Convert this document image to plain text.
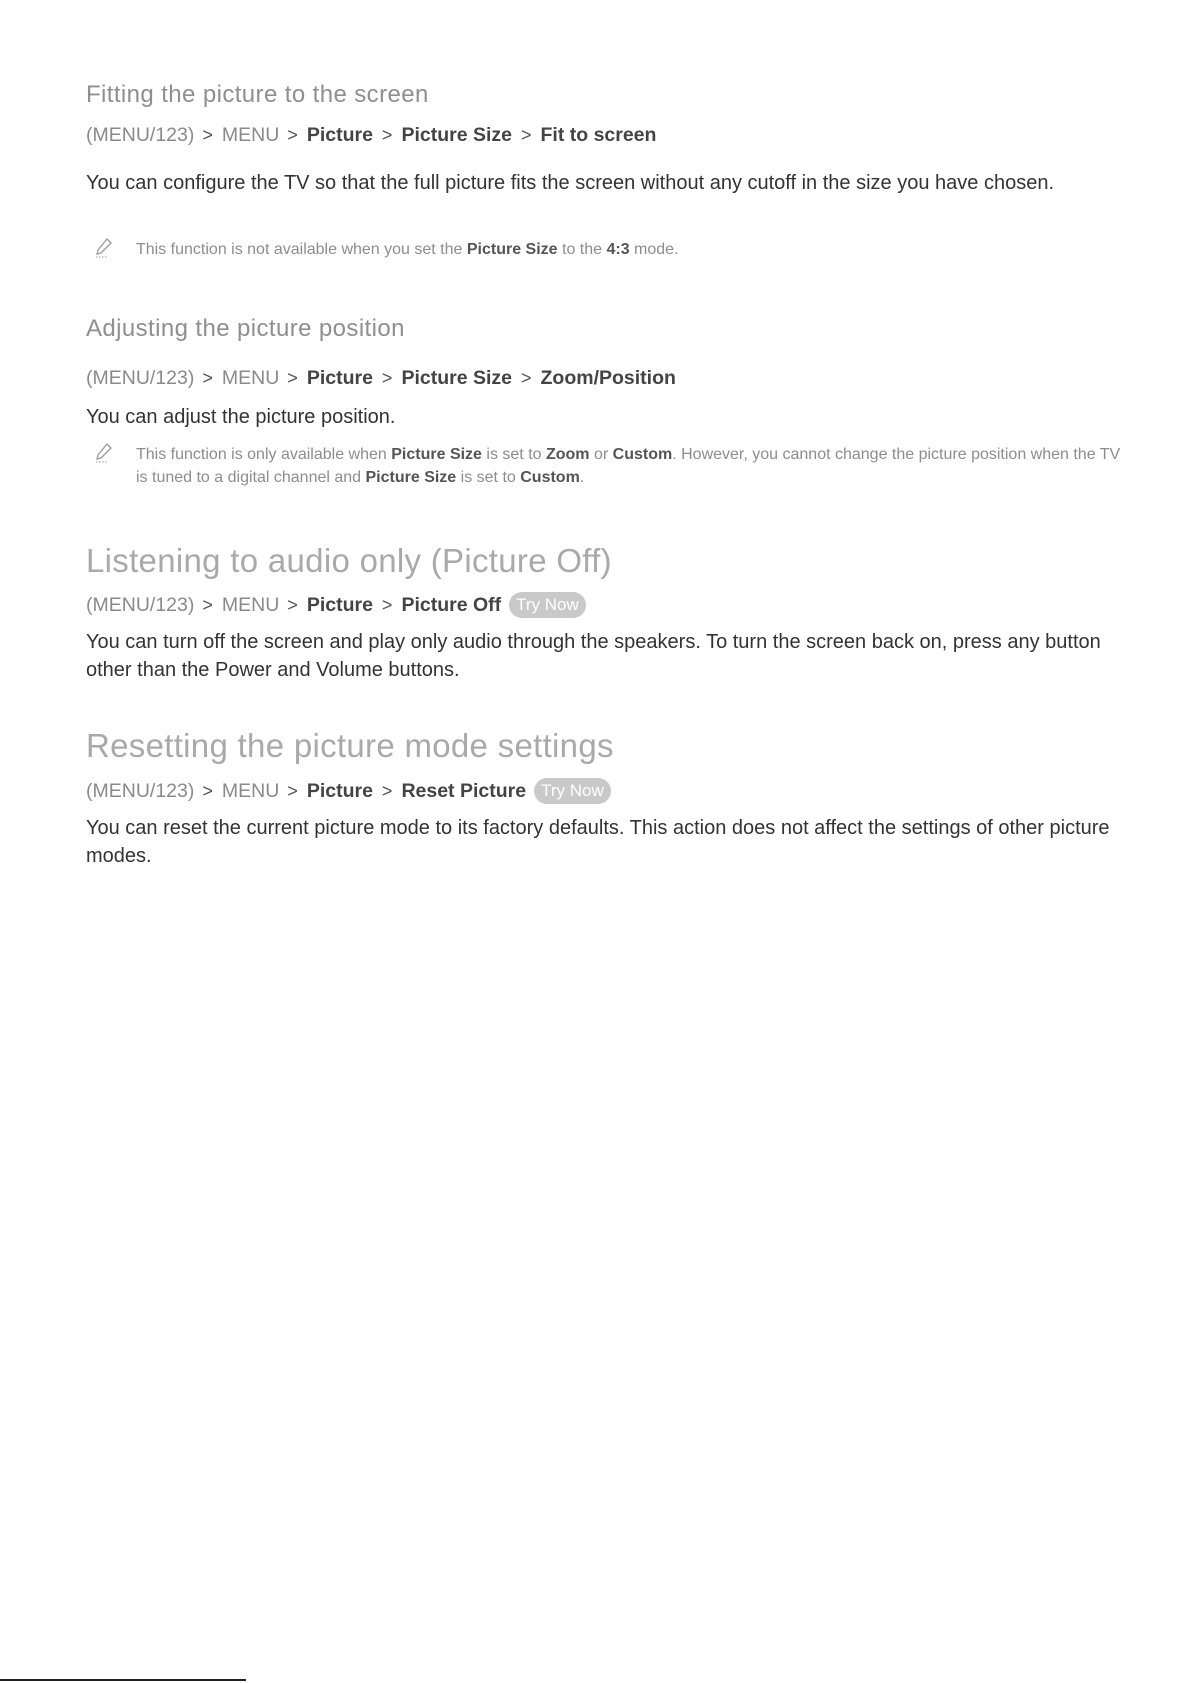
Fitting the picture to the screen
(MENU/123) > MENU > Picture > Picture Size > Fit to screen

You can configure the TV so that the full picture fits the screen without any cutoff in the size you have chosen.

This function is not available when you set the Picture Size to the 4:3 mode.

Adjusting the picture position
(MENU/123) > MENU > Picture > Picture Size > Zoom/Position

You can adjust the picture position.

This function is only available when Picture Size is set to Zoom or Custom. However, you cannot change the picture position when the TV is tuned to a digital channel and Picture Size is set to Custom.

Listening to audio only (Picture Off)
(MENU/123) > MENU > Picture > Picture Off Try Now

You can turn off the screen and play only audio through the speakers. To turn the screen back on, press any button other than the Power and Volume buttons.

Resetting the picture mode settings
(MENU/123) > MENU > Picture > Reset Picture Try Now

You can reset the current picture mode to its factory defaults. This action does not affect the settings of other picture modes.
